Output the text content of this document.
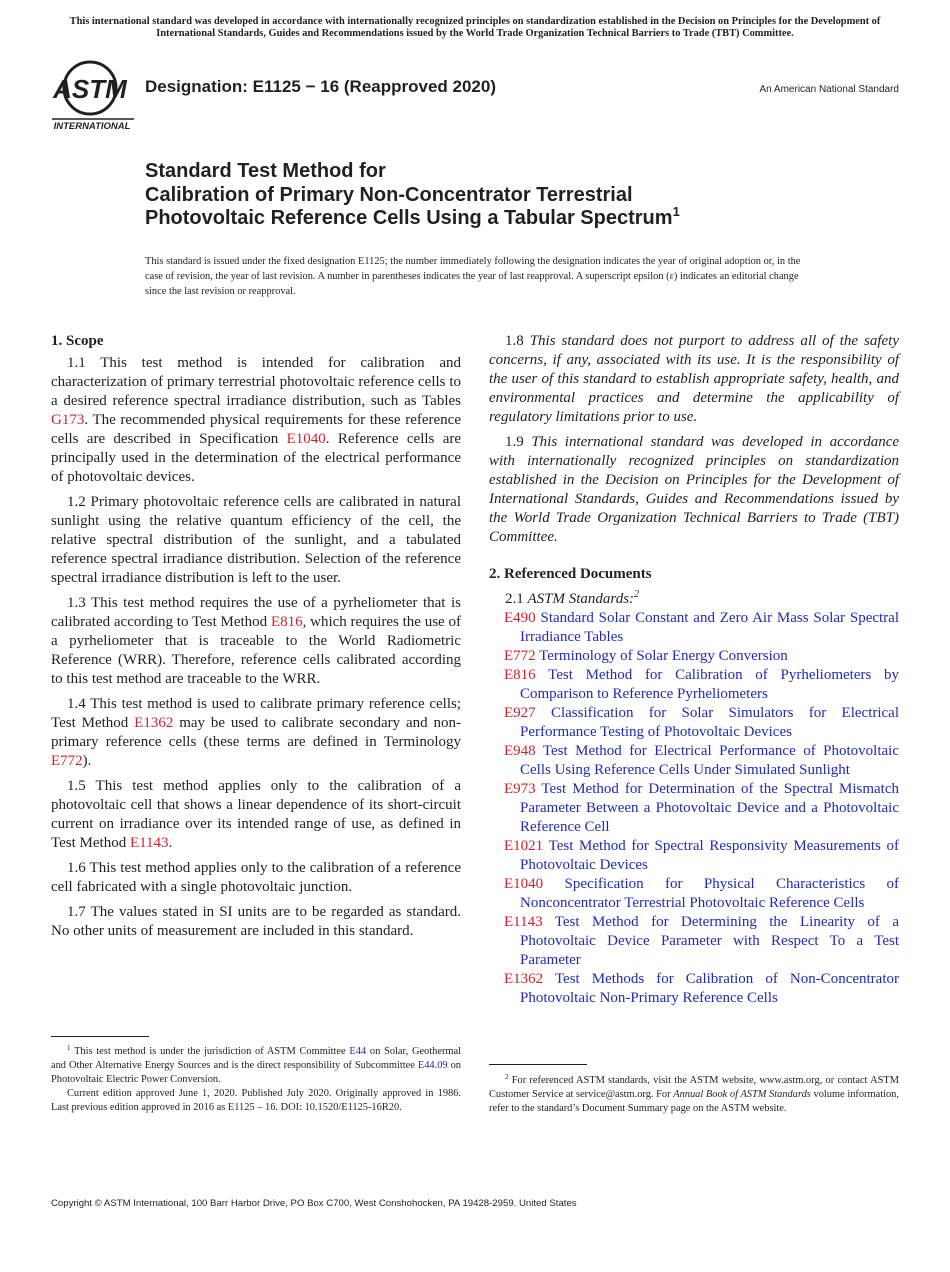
This international standard was developed in accordance with internationally recognized principles on standardization established in the Decision on Principles for the Development of International Standards, Guides and Recommendations issued by the World Trade Organization Technical Barriers to Trade (TBT) Committee.
ASTM
INTERNATIONAL
Designation: E1125 − 16 (Reapproved 2020)	An American National Standard
Standard Test Method for
Calibration of Primary Non-Concentrator Terrestrial
Photovoltaic Reference Cells Using a Tabular Spectrum$^1$
This standard is issued under the fixed designation E1125; the number immediately following the designation indicates the year of original adoption or, in the case of revision, the year of last revision. A number in parentheses indicates the year of last reapproval. A superscript epsilon (ε) indicates an editorial change since the last revision or reapproval.
1. Scope

1.1 This test method is intended for calibration and characterization of primary terrestrial photovoltaic reference cells to a desired reference spectral irradiance distribution, such as Tables G173. The recommended physical requirements for these reference cells are described in Specification E1040. Reference cells are principally used in the determination of the electrical performance of photovoltaic devices.

1.2 Primary photovoltaic reference cells are calibrated in natural sunlight using the relative quantum efficiency of the cell, the relative spectral distribution of the sunlight, and a tabulated reference spectral irradiance distribution. Selection of the reference spectral irradiance distribution is left to the user.

1.3 This test method requires the use of a pyrheliometer that is calibrated according to Test Method E816, which requires the use of a pyrheliometer that is traceable to the World Radiometric Reference (WRR). Therefore, reference cells calibrated according to this test method are traceable to the WRR.

1.4 This test method is used to calibrate primary reference cells; Test Method E1362 may be used to calibrate secondary and non-primary reference cells (these terms are defined in Terminology E772).

1.5 This test method applies only to the calibration of a photovoltaic cell that shows a linear dependence of its short-circuit current on irradiance over its intended range of use, as defined in Test Method E1143.

1.6 This test method applies only to the calibration of a reference cell fabricated with a single photovoltaic junction.

1.7 The values stated in SI units are to be regarded as standard. No other units of measurement are included in this standard.

1.8 This standard does not purport to address all of the safety concerns, if any, associated with its use. It is the responsibility of the user of this standard to establish appropriate safety, health, and environmental practices and determine the applicability of regulatory limitations prior to use.

1.9 This international standard was developed in accordance with internationally recognized principles on standardization established in the Decision on Principles for the Development of International Standards, Guides and Recommendations issued by the World Trade Organization Technical Barriers to Trade (TBT) Committee.

2. Referenced Documents

2.1 ASTM Standards:$^2$

E490 Standard Solar Constant and Zero Air Mass Solar Spectral Irradiance Tables
E772 Terminology of Solar Energy Conversion
E816 Test Method for Calibration of Pyrheliometers by Comparison to Reference Pyrheliometers
E927 Classification for Solar Simulators for Electrical Performance Testing of Photovoltaic Devices
E948 Test Method for Electrical Performance of Photovoltaic Cells Using Reference Cells Under Simulated Sunlight
E973 Test Method for Determination of the Spectral Mismatch Parameter Between a Photovoltaic Device and a Photovoltaic Reference Cell
E1021 Test Method for Spectral Responsivity Measurements of Photovoltaic Devices
E1040 Specification for Physical Characteristics of Nonconcentrator Terrestrial Photovoltaic Reference Cells
E1143 Test Method for Determining the Linearity of a Photovoltaic Device Parameter with Respect To a Test Parameter
E1362 Test Methods for Calibration of Non-Concentrator Photovoltaic Non-Primary Reference Cells

$^1$ This test method is under the jurisdiction of ASTM Committee E44 on Solar, Geothermal and Other Alternative Energy Sources and is the direct responsibility of Subcommittee E44.09 on Photovoltaic Electric Power Conversion.

Current edition approved June 1, 2020. Published July 2020. Originally approved in 1986. Last previous edition approved in 2016 as E1125 – 16. DOI: 10.1520/E1125-16R20.

$^2$ For referenced ASTM standards, visit the ASTM website, www.astm.org, or contact ASTM Customer Service at service@astm.org. For Annual Book of ASTM Standards volume information, refer to the standard’s Document Summary page on the ASTM website.

Copyright © ASTM International, 100 Barr Harbor Drive, PO Box C700, West Conshohocken, PA 19428-2959. United States
